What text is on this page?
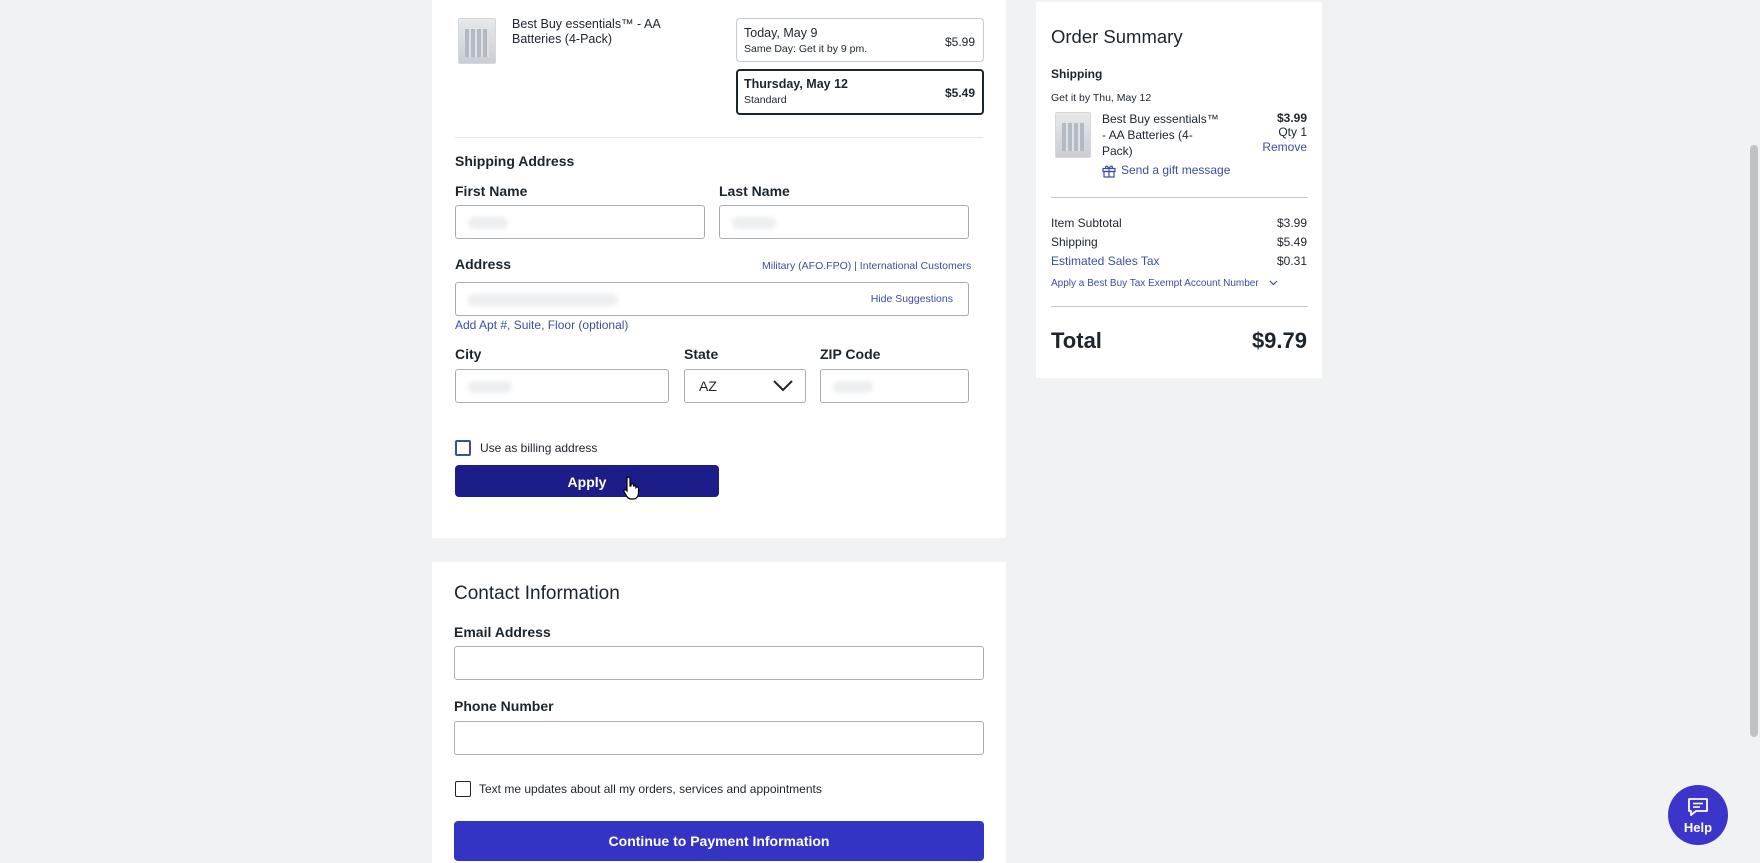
Best Buy essentials™ - AA Batteries (4-Pack)	Today, May 9
Same Day: Get it by 9 pm.	$5.99
Thursday, May 12
Standard	$5.49
Shipping Address
First Name	Last Name
Address	Military (AFO.FPO) | International Customers
Hide Suggestions
Add Apt #, Suite, Floor (optional)
City	State	ZIP Code
AZ
Use as billing address
Apply
Contact Information
Email Address
Phone Number
Text me updates about all my orders, services and appointments
Continue to Payment Information
Order Summary
Shipping
Get it by Thu, May 12
Best Buy essentials™ - AA Batteries (4-Pack)
$3.99
Qty 1
Remove
Send a gift message
Item Subtotal	$3.99
Shipping	$5.49
Estimated Sales Tax	$0.31
Apply a Best Buy Tax Exempt Account Number
Total	$9.79
Help
